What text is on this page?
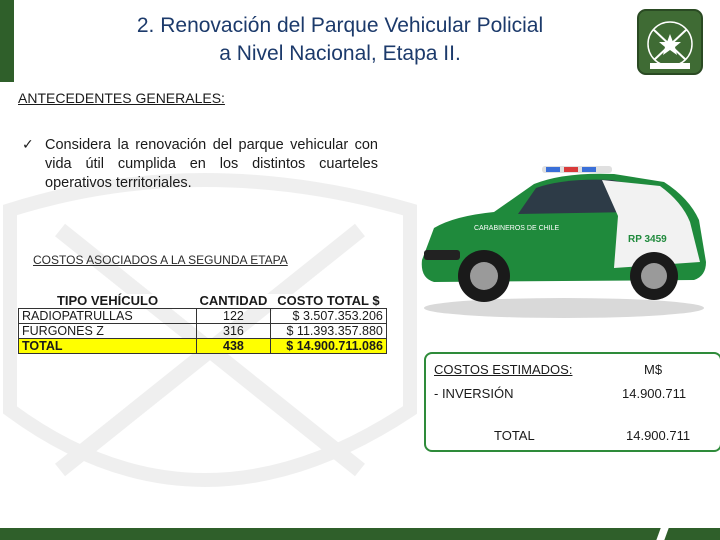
2. Renovación del Parque Vehicular Policial
a Nivel Nacional, Etapa II.
ANTECEDENTES GENERALES:
✓ Considera la renovación del parque vehicular con vida útil cumplida en los distintos cuarteles operativos territoriales.
COSTOS ASOCIADOS A LA SEGUNDA ETAPA
TIPO VEHÍCULO	CANTIDAD	COSTO TOTAL $
RADIOPATRULLAS	122	$ 3.507.353.206
FURGONES Z	316	$ 11.393.357.880
TOTAL	438	$ 14.900.711.086
CARABINEROS DE CHILE
RP 3459
COSTOS ESTIMADOS:	M$
- INVERSIÓN	14.900.711
TOTAL	14.900.711
